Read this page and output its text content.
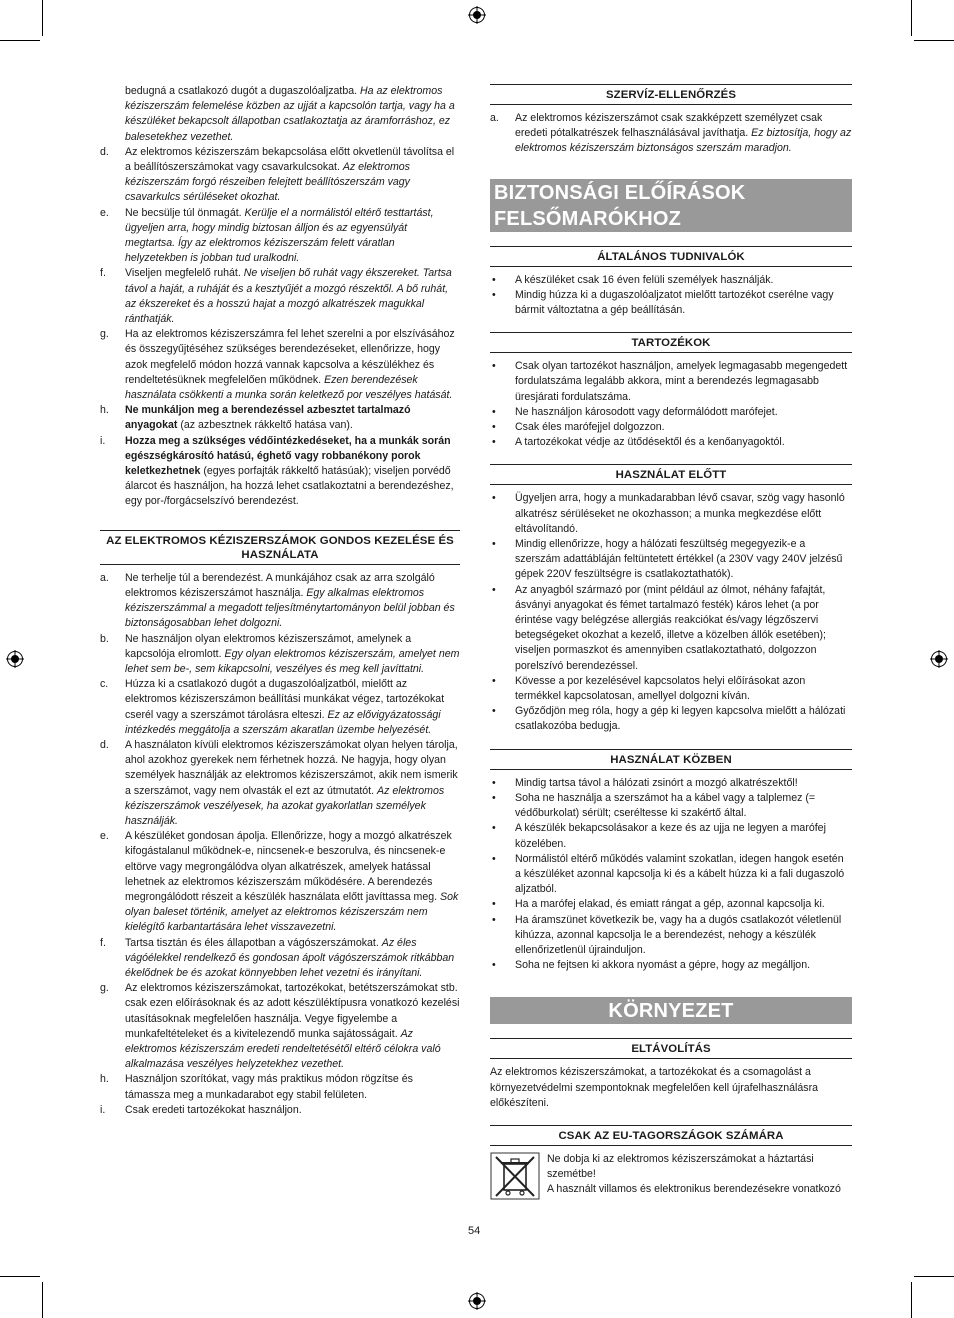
bedugná a csatlakozó dugót a dugaszolóaljzatba. Ha az elektromos kéziszerszám felemelése közben az ujját a kapcsolón tartja, vagy ha a készüléket bekapcsolt állapotban csatlakoztatja az áramforráshoz, ez balesetekhez vezethet.

d.	Az elektromos kéziszerszám bekapcsolása előtt okvetlenül távolítsa el a beállítószerszámokat vagy csavarkulcsokat. Az elektromos kéziszerszám forgó részeiben felejtett beállítószerszám vagy csavarkulcs sérüléseket okozhat.

e.	Ne becsülje túl önmagát. Kerülje el a normálistól eltérő testtartást, ügyeljen arra, hogy mindig biztosan álljon és az egyensúlyát megtartsa. Így az elektromos kéziszerszám felett váratlan helyzetekben is jobban tud uralkodni.

f.	Viseljen megfelelő ruhát. Ne viseljen bő ruhát vagy ékszereket. Tartsa távol a haját, a ruháját és a kesztyűjét a mozgó részektől. A bő ruhát, az ékszereket és a hosszú hajat a mozgó alkatrészek magukkal ránthatják.

g.	Ha az elektromos kéziszerszámra fel lehet szerelni a por elszívásához és összegyűjtéséhez szükséges berendezéseket, ellenőrizze, hogy azok megfelelő módon hozzá vannak kapcsolva a készülékhez és rendeltetésüknek megfelelően működnek. Ezen berendezések használata csökkenti a munka során keletkező por veszélyes hatását.

h.	Ne munkáljon meg a berendezéssel azbesztet tartalmazó anyagokat (az azbesztnek rákkeltő hatása van).

i.	Hozza meg a szükséges védőintézkedéseket, ha a munkák során egészségkárosító hatású, éghető vagy robbanékony porok keletkezhetnek (egyes porfajták rákkeltő hatásúak); viseljen porvédő álarcot és használjon, ha hozzá lehet csatlakoztatni a berendezéshez, egy por-/forgácselszívó berendezést.

AZ ELEKTROMOS KÉZISZERSZÁMOK GONDOS KEZELÉSE ÉS HASZNÁLATA

a.	Ne terhelje túl a berendezést. A munkájához csak az arra szolgáló elektromos kéziszerszámot használja. Egy alkalmas elektromos kéziszerszámmal a megadott teljesítménytartományon belül jobban és biztonságosabban lehet dolgozni.

b.	Ne használjon olyan elektromos kéziszerszámot, amelynek a kapcsolója elromlott. Egy olyan elektromos kéziszerszám, amelyet nem lehet sem be-, sem kikapcsolni, veszélyes és meg kell javíttatni.

c.	Húzza ki a csatlakozó dugót a dugaszolóaljzatból, mielőtt az elektromos kéziszerszámon beállítási munkákat végez, tartozékokat cserél vagy a szerszámot tárolásra elteszi. Ez az elővigyázatossági intézkedés meggátolja a szerszám akaratlan üzembe helyezését.

d.	A használaton kívüli elektromos kéziszerszámokat olyan helyen tárolja, ahol azokhoz gyerekek nem férhetnek hozzá. Ne hagyja, hogy olyan személyek használják az elektromos kéziszerszámot, akik nem ismerik a szerszámot, vagy nem olvasták el ezt az útmutatót. Az elektromos kéziszerszámok veszélyesek, ha azokat gyakorlatlan személyek használják.

e.	A készüléket gondosan ápolja. Ellenőrizze, hogy a mozgó alkatrészek kifogástalanul működnek-e, nincsenek-e beszorulva, és nincsenek-e eltörve vagy megrongálódva olyan alkatrészek, amelyek hatással lehetnek az elektromos kéziszerszám működésére. A berendezés megrongálódott részeit a készülék használata előtt javíttassa meg. Sok olyan baleset történik, amelyet az elektromos kéziszerszám nem kielégítő karbantartására lehet visszavezetni.

f.	Tartsa tisztán és éles állapotban a vágószerszámokat. Az éles vágóélekkel rendelkező és gondosan ápolt vágószerszámok ritkábban ékelődnek be és azokat könnyebben lehet vezetni és irányítani.

g.	Az elektromos kéziszerszámokat, tartozékokat, betétszerszámokat stb. csak ezen előírásoknak és az adott készüléktípusra vonatkozó kezelési utasításoknak megfelelően használja. Vegye figyelembe a munkafeltételeket és a kivitelezendő munka sajátosságait. Az elektromos kéziszerszám eredeti rendeltetésétől eltérő célokra való alkalmazása veszélyes helyzetekhez vezethet.

h.	Használjon szorítókat, vagy más praktikus módon rögzítse és támassza meg a munkadarabot egy stabil felületen.

i.	Csak eredeti tartozékokat használjon.

SZERVÍZ-ELLENŐRZÉS

a.	Az elektromos kéziszerszámot csak szakképzett személyzet csak eredeti pótalkatrészek felhasználásával javíthatja. Ez biztosítja, hogy az elektromos kéziszerszám biztonságos szerszám maradjon.

BIZTONSÁGI ELŐÍRÁSOK FELSŐMARÓKHOZ
ÁLTALÁNOS TUDNIVALÓK

•	A készüléket csak 16 éven felüli személyek használják.

•	Mindig húzza ki a dugaszolóaljzatot mielőtt tartozékot cserélne vagy bármit változtatna a gép beállításán.

TARTOZÉKOK

•	Csak olyan tartozékot használjon, amelyek legmagasabb megengedett fordulatszáma legalább akkora, mint a berendezés legmagasabb üresjárati fordulatszáma.

•	Ne használjon károsodott vagy deformálódott marófejet.

•	Csak éles marófejjel dolgozzon.

•	A tartozékokat védje az ütődésektől és a kenőanyagoktól.

HASZNÁLAT ELŐTT

•	Ügyeljen arra, hogy a munkadarabban lévő csavar, szög vagy hasonló alkatrész sérüléseket ne okozhasson; a munka megkezdése előtt eltávolítandó.

•	Mindig ellenőrizze, hogy a hálózati feszültség megegyezik-e a szerszám adattábláján feltüntetett értékkel (a 230V vagy 240V jelzésű gépek 220V feszültségre is csatlakoztathatók).

•	Az anyagból származó por (mint például az ólmot, néhány fafajtát, ásványi anyagokat és fémet tartalmazó festék) káros lehet (a por érintése vagy belégzése allergiás reakciókat és/vagy légzőszervi betegségeket okozhat a kezelő, illetve a közelben állók esetében); viseljen pormaszkot és amennyiben csatlakoztatható, dolgozzon porelszívó berendezéssel.

•	Kövesse a por kezelésével kapcsolatos helyi előírásokat azon termékkel kapcsolatosan, amellyel dolgozni kíván.

•	Győződjön meg róla, hogy a gép ki legyen kapcsolva mielőtt a hálózati csatlakozóba bedugja.

HASZNÁLAT KÖZBEN

•	Mindig tartsa távol a hálózati zsinórt a mozgó alkatrészektől!

•	Soha ne használja a szerszámot ha a kábel vagy a talplemez (= védőburkolat) sérült; cseréltesse ki szakértő által.

•	A készülék bekapcsolásakor a keze és az ujja ne legyen a marófej közelében.

•	Normálistól eltérő működés valamint szokatlan, idegen hangok esetén a készüléket azonnal kapcsolja ki és a kábelt húzza ki a fali dugaszoló aljzatból.

•	Ha a marófej elakad, és emiatt rángat a gép, azonnal kapcsolja ki.

•	Ha áramszünet következik be, vagy ha a dugós csatlakozót véletlenül kihúzza, azonnal kapcsolja le a berendezést, nehogy a készülék ellenőrizetlenül újrainduljon.

•	Soha ne fejtsen ki akkora nyomást a gépre, hogy az megálljon.

KÖRNYEZET
ELTÁVOLÍTÁS

Az elektromos kéziszerszámokat, a tartozékokat és a csomagolást a környezetvédelmi szempontoknak megfelelően kell újrafelhasználásra előkészíteni.

CSAK AZ EU-TAGORSZÁGOK SZÁMÁRA

Ne dobja ki az elektromos kéziszerszámokat a háztartási szemétbe!

A használt villamos és elektronikus berendezésekre vonatkozó

54
